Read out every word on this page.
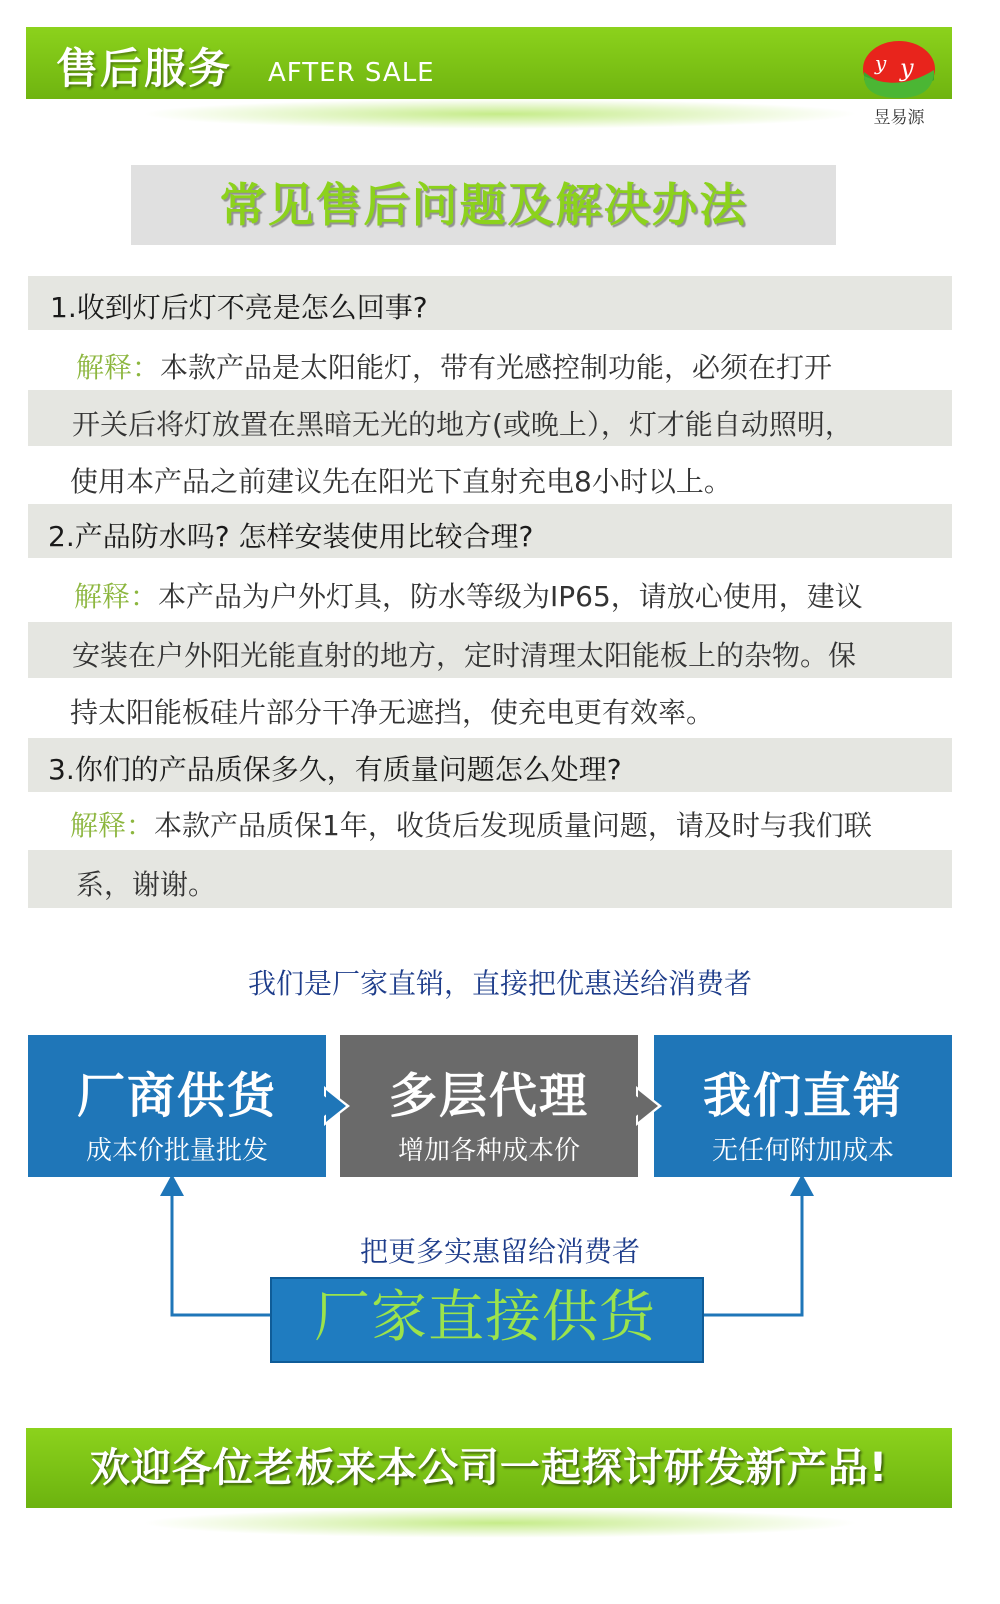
售后服务 AFTER SALE	y y
昱易源
常见售后问题及解决办法
1.收到灯后灯不亮是怎么回事?
解释：本款产品是太阳能灯，带有光感控制功能，必须在打开
开关后将灯放置在黑暗无光的地方(或晚上），灯才能自动照明，
使用本产品之前建议先在阳光下直射充电8小时以上。
2.产品防水吗? 怎样安装使用比较合理?
解释：本产品为户外灯具，防水等级为IP65，请放心使用，建议
安装在户外阳光能直射的地方，定时清理太阳能板上的杂物。保
持太阳能板硅片部分干净无遮挡，使充电更有效率。
3.你们的产品质保多久，有质量问题怎么处理?
解释：本款产品质保1年，收货后发现质量问题，请及时与我们联
系，谢谢。
我们是厂家直销，直接把优惠送给消费者
厂商供货
成本价批量批发
多层代理
增加各种成本价
我们直销
无任何附加成本
把更多实惠留给消费者
厂家直接供货
欢迎各位老板来本公司一起探讨研发新产品!
